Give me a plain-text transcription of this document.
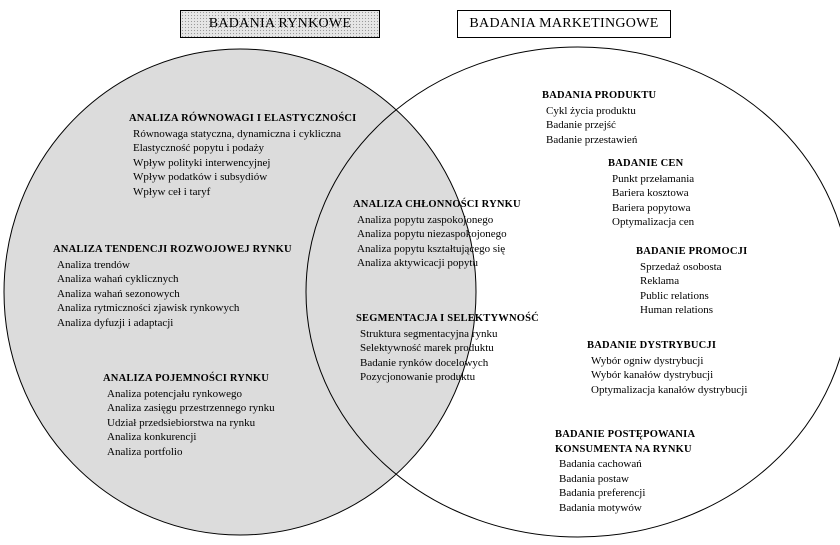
BADANIA RYNKOWE	BADANIA MARKETINGOWE
ANALIZA RÓWNOWAGI I ELASTYCZNOŚCI
Równowaga statyczna, dynamiczna i cykliczna
Elastyczność popytu i podaży
Wpływ polityki interwencyjnej
Wpływ podatków i subsydiów
Wpływ ceł i taryf
ANALIZA TENDENCJI ROZWOJOWEJ RYNKU
Analiza trendów
Analiza wahań cyklicznych
Analiza wahań sezonowych
Analiza rytmiczności zjawisk rynkowych
Analiza dyfuzji i adaptacji
ANALIZA POJEMNOŚCI RYNKU
Analiza potencjału rynkowego
Analiza zasięgu przestrzennego rynku
Udział przedsiebiorstwa na rynku
Analiza konkurencji
Analiza portfolio
ANALIZA CHŁONNOŚCI RYNKU
Analiza popytu zaspokojonego
Analiza popytu niezaspokojonego
Analiza popytu kształtującego się
Analiza aktywicacji popytu
SEGMENTACJA I SELEKTYWNOŚĆ
Struktura segmentacyjna rynku
Selektywność marek produktu
Badanie rynków docelowych
Pozycjonowanie produktu
BADANIA PRODUKTU
Cykl życia produktu
Badanie przejść
Badanie przestawień
BADANIE CEN
Punkt przełamania
Bariera kosztowa
Bariera popytowa
Optymalizacja cen
BADANIE PROMOCJI
Sprzedaż osobosta
Reklama
Public relations
Human relations
BADANIE DYSTRYBUCJI
Wybór ogniw dystrybucji
Wybór kanałów dystrybucji
Optymalizacja kanałów dystrybucji
BADANIE POSTĘPOWANIA
KONSUMENTA NA RYNKU
Badania cachowań
Badania postaw
Badania preferencji
Badania motywów
